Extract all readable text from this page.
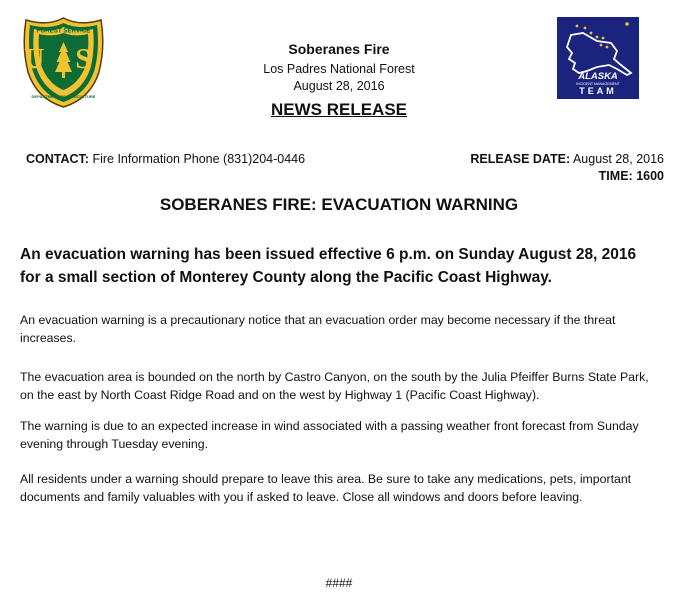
FOREST SERVICE
DEPARTMENT OF AGRICULTURE
U S
ALASKA
INCIDENT MANAGEMENT
TEAM
Soberanes Fire
Los Padres National Forest
August 28, 2016
NEWS RELEASE
CONTACT: Fire Information Phone (831)204-0446	RELEASE DATE: August 28, 2016
TIME: 1600
SOBERANES FIRE: EVACUATION WARNING
An evacuation warning has been issued effective 6 p.m. on Sunday August 28, 2016 for a small section of Monterey County along the Pacific Coast Highway.
An evacuation warning is a precautionary notice that an evacuation order may become necessary if the threat increases.
The evacuation area is bounded on the north by Castro Canyon, on the south by the Julia Pfeiffer Burns State Park, on the east by North Coast Ridge Road and on the west by Highway 1 (Pacific Coast Highway).
The warning is due to an expected increase in wind associated with a passing weather front forecast from Sunday evening through Tuesday evening.
All residents under a warning should prepare to leave this area. Be sure to take any medications, pets, important documents and family valuables with you if asked to leave. Close all windows and doors before leaving.
####
